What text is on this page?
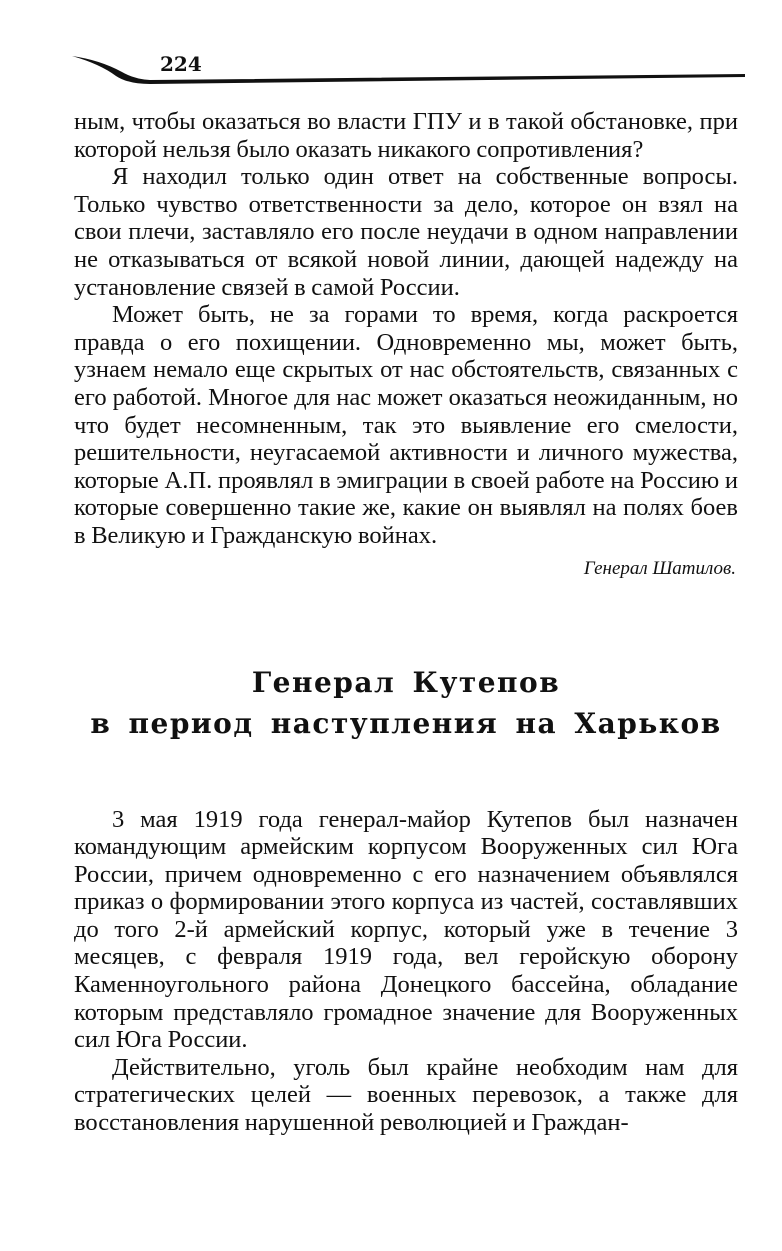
224

ным, чтобы оказаться во власти ГПУ и в такой обстановке, при которой нельзя было оказать никакого сопротивления?

Я находил только один ответ на собственные вопросы. Только чувство ответственности за дело, которое он взял на свои плечи, заставляло его после неудачи в одном направлении не отказываться от всякой новой линии, дающей надежду на установление связей в самой России.

Может быть, не за горами то время, когда раскроется правда о его похищении. Одновременно мы, может быть, узнаем немало еще скрытых от нас обстоятельств, связанных с его работой. Многое для нас может оказаться неожиданным, но что будет несомненным, так это выявление его смелости, решительности, неугасаемой активности и личного мужества, которые А.П. проявлял в эмиграции в своей работе на Россию и которые совершенно такие же, какие он выявлял на полях боев в Великую и Гражданскую войнах.

Генерал Шатилов.

Генерал Кутепов
в период наступления на Харьков

3 мая 1919 года генерал-майор Кутепов был назначен командующим армейским корпусом Вооруженных сил Юга России, причем одновременно с его назначением объявлялся приказ о формировании этого корпуса из частей, составлявших до того 2-й армейский корпус, который уже в течение 3 месяцев, с февраля 1919 года, вел геройскую оборону Каменноугольного района Донецкого бассейна, обладание которым представляло громадное значение для Вооруженных сил Юга России.

Действительно, уголь был крайне необходим нам для стратегических целей — военных перевозок, а также для восстановления нарушенной революцией и Граждан-
